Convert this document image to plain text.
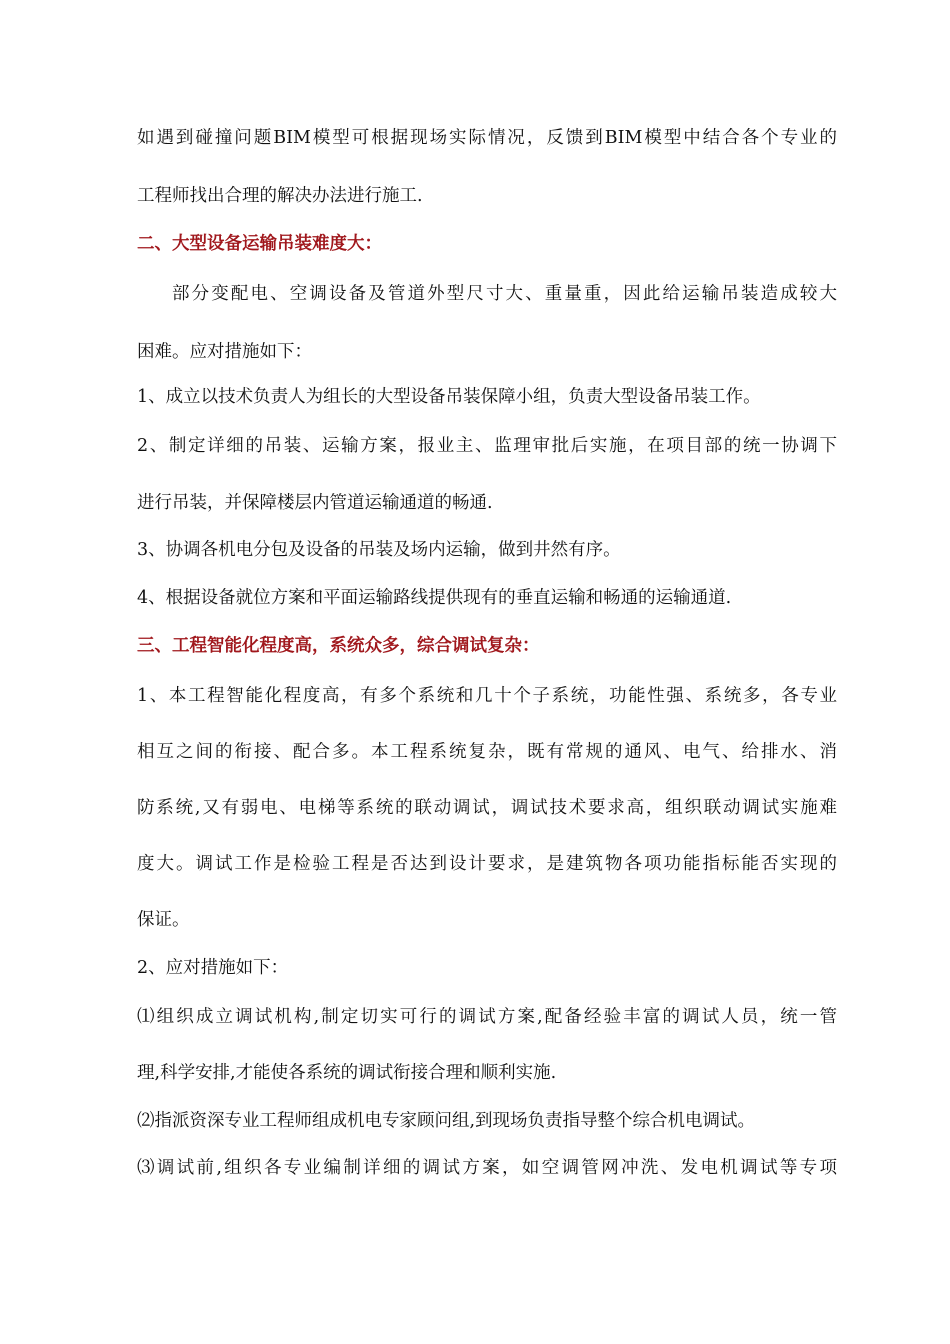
如遇到碰撞问题BIM模型可根据现场实际情况，反馈到BIM模型中结合各个专业的
工程师找出合理的解决办法进行施工.
二、大型设备运输吊装难度大：
部分变配电、空调设备及管道外型尺寸大、重量重，因此给运输吊装造成较大
困难。应对措施如下：
1、成立以技术负责人为组长的大型设备吊装保障小组，负责大型设备吊装工作。
2、制定详细的吊装、运输方案，报业主、监理审批后实施，在项目部的统一协调下
进行吊装，并保障楼层内管道运输通道的畅通.
3、协调各机电分包及设备的吊装及场内运输，做到井然有序。
4、根据设备就位方案和平面运输路线提供现有的垂直运输和畅通的运输通道.
三、工程智能化程度高，系统众多，综合调试复杂：
1、本工程智能化程度高，有多个系统和几十个子系统，功能性强、系统多，各专业
相互之间的衔接、配合多。本工程系统复杂，既有常规的通风、电气、给排水、消
防系统,又有弱电、电梯等系统的联动调试，调试技术要求高，组织联动调试实施难
度大。调试工作是检验工程是否达到设计要求，是建筑物各项功能指标能否实现的
保证。
2、应对措施如下：
⑴组织成立调试机构,制定切实可行的调试方案,配备经验丰富的调试人员，统一管
理,科学安排,才能使各系统的调试衔接合理和顺利实施.
⑵指派资深专业工程师组成机电专家顾问组,到现场负责指导整个综合机电调试。
⑶调试前,组织各专业编制详细的调试方案，如空调管网冲洗、发电机调试等专项
